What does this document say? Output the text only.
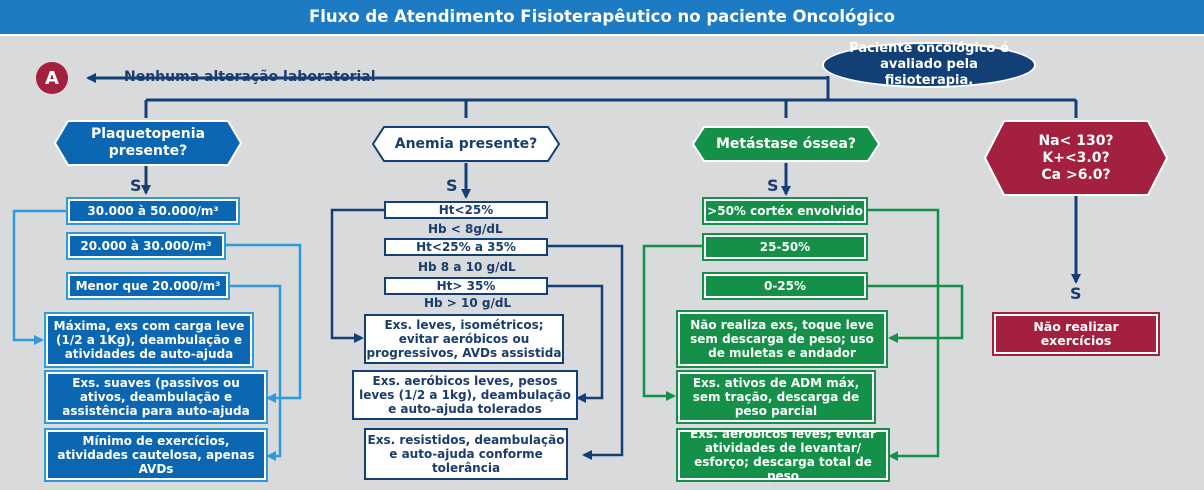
Fluxo de Atendimento Fisioterapêutico no paciente Oncológico
Paciente oncológico é avaliado pela fisioterapia.
A	Nenhuma alteração laboratorial
Plaquetopenia presente?	Anemia presente?	Metástase óssea?	Na< 130?
K+<3.0?
Ca >6.0?
S	S	S
S
30.000 à 50.000/m³
20.000 à 30.000/m³
Menor que 20.000/m³
Máxima, exs com carga leve (1/2 a 1Kg), deambulação e atividades de auto-ajuda
Exs. suaves (passivos ou ativos, deambulação e assistência para auto-ajuda
Mínimo de exercícios, atividades cautelosa, apenas AVDs
Ht<25%
Hb < 8g/dL
Ht<25% a 35%
Hb 8 a 10 g/dL
Ht> 35%
Hb > 10 g/dL
Exs. leves, isométricos; evitar aeróbicos ou progressivos, AVDs assistida
Exs. aeróbicos leves, pesos leves (1/2 a 1kg), deambulação e auto-ajuda tolerados
Exs. resistidos, deambulação e auto-ajuda conforme tolerância
>50% cortéx envolvido
25-50%
0-25%
Não realiza exs, toque leve sem descarga de peso; uso de muletas e andador
Exs. ativos de ADM máx, sem tração, descarga de peso parcial
Exs. aeróbicos leves; evitar atividades de levantar/ esforço; descarga total de peso
Não realizar exercícios
